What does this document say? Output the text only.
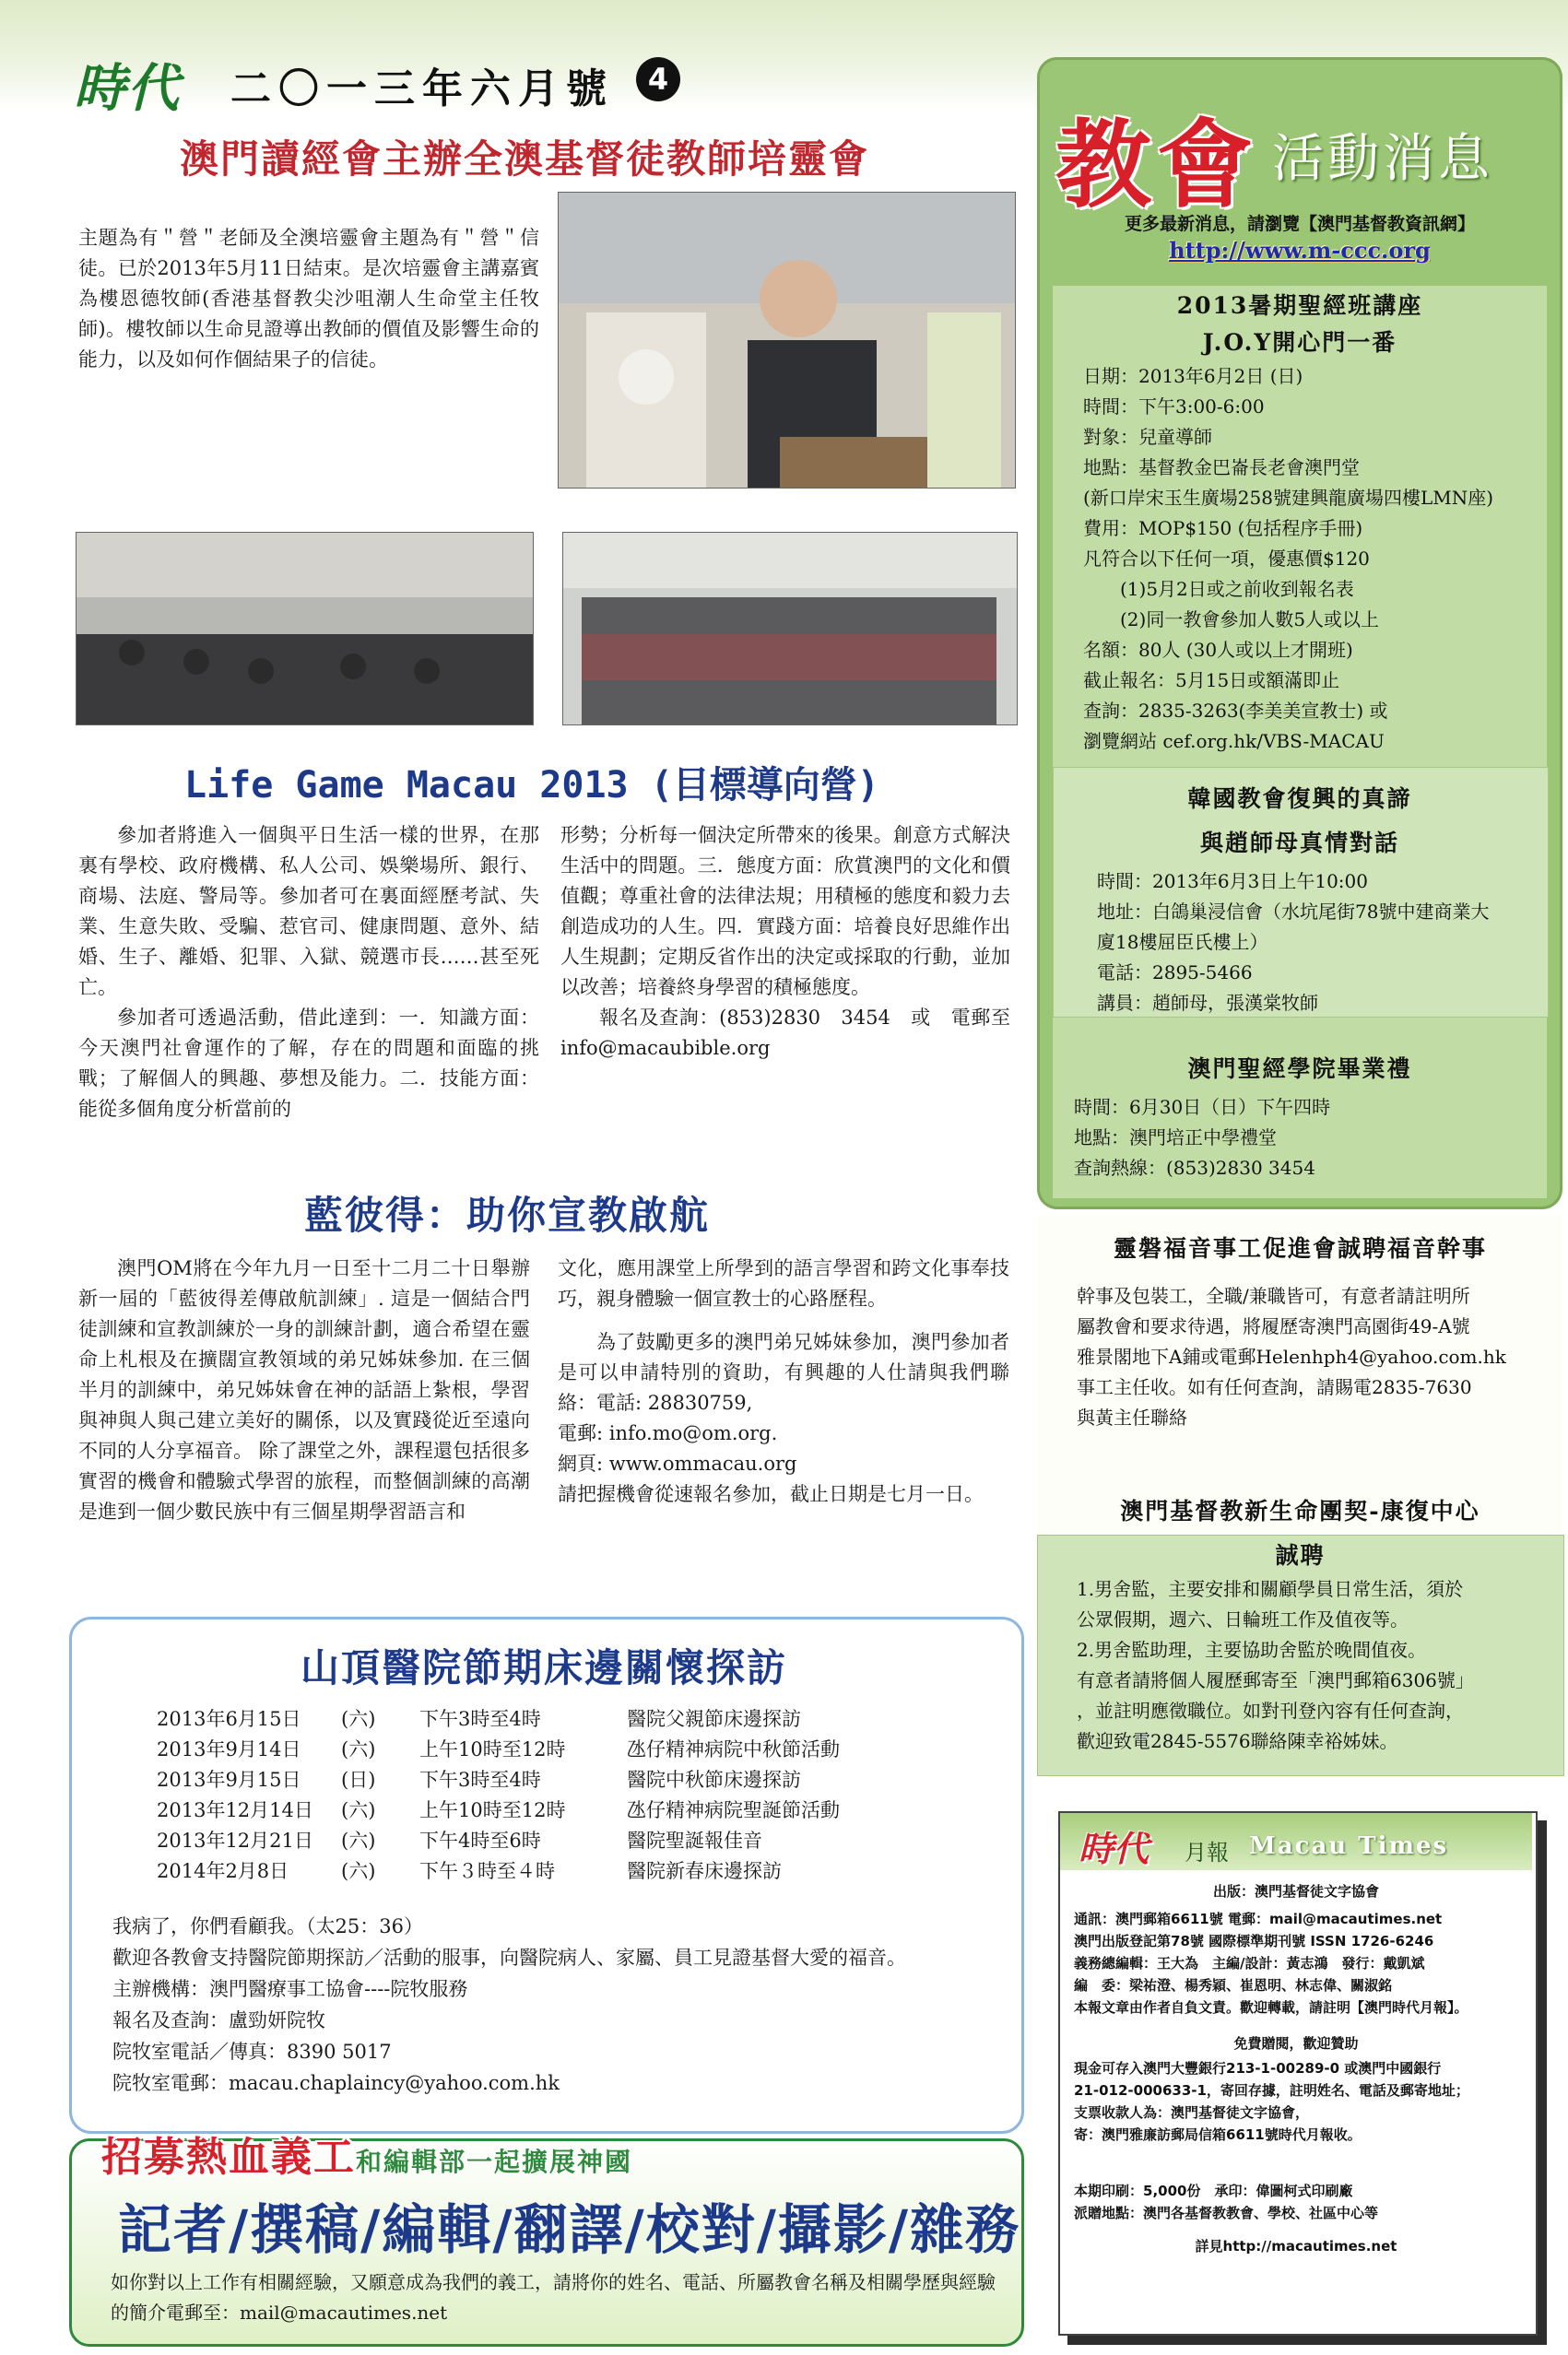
時代 二〇一三年六月號	4
澳門讀經會主辦全澳基督徒教師培靈會
主題為有＂營＂老師及全澳培靈會主題為有＂營＂信徒。已於2013年5月11日結束。是次培靈會主講嘉賓為樓恩德牧師(香港基督教尖沙咀潮人生命堂主任牧師)。樓牧師以生命見證導出教師的價值及影響生命的能力，以及如何作個結果子的信徒。
Life Game Macau 2013 (目標導向營)

參加者將進入一個與平日生活一樣的世界，在那裏有學校、政府機構、私人公司、娛樂場所、銀行、商場、法庭、警局等。參加者可在裏面經歷考試、失業、生意失敗、受騙、惹官司、健康問題、意外、結婚、生子、離婚、犯罪、入獄、競選市長……甚至死亡。

參加者可透過活動，借此達到：一．知識方面：今天澳門社會運作的了解，存在的問題和面臨的挑戰；了解個人的興趣、夢想及能力。二．技能方面：能從多個角度分析當前的

形勢；分析每一個決定所帶來的後果。創意方式解決生活中的問題。三．態度方面：欣賞澳門的文化和價值觀；尊重社會的法律法規；用積極的態度和毅力去創造成功的人生。四．實踐方面：培養良好思維作出人生規劃；定期反省作出的決定或採取的行動，並加以改善；培養終身學習的積極態度。

報名及查詢：(853)2830　3454　或　電郵至info@macaubible.org

藍彼得：助你宣教啟航

澳門OM將在今年九月一日至十二月二十日舉辦新一屆的「藍彼得差傳啟航訓練」. 這是一個結合門徒訓練和宣教訓練於一身的訓練計劃，適合希望在靈命上札根及在擴闊宣教領域的弟兄姊妹參加. 在三個半月的訓練中，弟兄姊妹會在神的話語上紮根，學習與神與人與己建立美好的關係，以及實踐從近至遠向不同的人分享福音。 除了課堂之外，課程還包括很多實習的機會和體驗式學習的旅程，而整個訓練的高潮是進到一個少數民族中有三個星期學習語言和

文化，應用課堂上所學到的語言學習和跨文化事奉技巧，親身體驗一個宣教士的心路歷程。

為了鼓勵更多的澳門弟兄姊妹參加，澳門參加者是可以申請特別的資助，有興趣的人仕請與我們聯絡：電話: 28830759,

電郵: info.mo@om.org.

網頁: www.ommacau.org

請把握機會從速報名參加，截止日期是七月一日。

山頂醫院節期床邊關懷探訪
2013年6月15日	(六)	下午3時至4時	醫院父親節床邊探訪
2013年9月14日	(六)	上午10時至12時	氹仔精神病院中秋節活動
2013年9月15日	(日)	下午3時至4時	醫院中秋節床邊探訪
2013年12月14日	(六)	上午10時至12時	氹仔精神病院聖誕節活動
2013年12月21日	(六)	下午4時至6時	醫院聖誕報佳音
2014年2月8日	(六)	下午３時至４時	醫院新春床邊探訪
我病了，你們看顧我。（太25：36）
歡迎各教會支持醫院節期探訪／活動的服事，向醫院病人、家屬、員工見證基督大愛的福音。
主辦機構：澳門醫療事工協會----院牧服務
報名及查詢：盧勁妍院牧
院牧室電話／傳真：8390 5017
院牧室電郵：macau.chaplaincy@yahoo.com.hk
招募熱血義工和編輯部一起擴展神國
記者/撰稿/編輯/翻譯/校對/攝影/雜務
如你對以上工作有相關經驗，又願意成為我們的義工，請將你的姓名、電話、所屬教會名稱及相關學歷與經驗的簡介電郵至：mail@macautimes.net
教會 活動消息
更多最新消息，請瀏覽【澳門基督教資訊網】
http://www.m-ccc.org
2013暑期聖經班講座
J.O.Y開心門一番
日期：2013年6月2日 (日)
時間：下午3:00-6:00
對象：兒童導師
地點：基督教金巴崙長老會澳門堂
(新口岸宋玉生廣場258號建興龍廣場四樓LMN座)
費用：MOP$150 (包括程序手冊)
凡符合以下任何一項，優惠價$120
　　(1)5月2日或之前收到報名表
　　(2)同一教會參加人數5人或以上
名額：80人 (30人或以上才開班)
截止報名：5月15日或額滿即止
查詢：2835-3263(李美美宣教士) 或
瀏覽網站 cef.org.hk/VBS-MACAU
韓國教會復興的真諦
與趙師母真情對話
時間：2013年6月3日上午10:00
地址：白鴿巢浸信會（水坑尾街78號中建商業大
廈18樓屈臣氏樓上）
電話：2895-5466
講員：趙師母，張漢棠牧師
澳門聖經學院畢業禮
時間：6月30日（日）下午四時
地點：澳門培正中學禮堂
查詢熱線：(853)2830 3454
靈磐福音事工促進會誠聘福音幹事
幹事及包裝工，全職/兼職皆可，有意者請註明所
屬教會和要求待遇，將履歷寄澳門高園街49-A號
雅景閣地下A鋪或電郵Helenhph4@yahoo.com.hk
事工主任收。如有任何查詢，請賜電2835-7630
與黃主任聯絡
澳門基督教新生命團契-康復中心
誠聘
1.男舍監，主要安排和關顧學員日常生活，須於
公眾假期，週六、日輪班工作及值夜等。
2.男舍監助理，主要協助舍監於晚間值夜。
有意者請將個人履歷郵寄至「澳門郵箱6306號」
，並註明應徵職位。如對刊登內容有任何查詢，
歡迎致電2845-5576聯絡陳幸裕姊妹。
時代 月報 Macau Times
出版：澳門基督徒文字協會
通訊：澳門郵箱6611號 電郵：mail@macautimes.net
澳門出版登記第78號 國際標準期刊號 ISSN 1726-6246
義務總編輯：王大為　主編/設計：黃志鴻　發行：戴凱斌
編　委：梁祐澄、楊秀穎、崔恩明、林志偉、關淑銘
本報文章由作者自負文責。歡迎轉載，請註明【澳門時代月報】。
免費贈閱，歡迎贊助
現金可存入澳門大豐銀行213-1-00289-0 或澳門中國銀行
21-012-000633-1，寄回存據，註明姓名、電話及郵寄地址；
支票收款人為：澳門基督徒文字協會，
寄：澳門雅廉訪郵局信箱6611號時代月報收。
本期印刷：5,000份　承印：偉圖柯式印刷廠
派贈地點：澳門各基督教教會、學校、社區中心等
詳見http://macautimes.net
